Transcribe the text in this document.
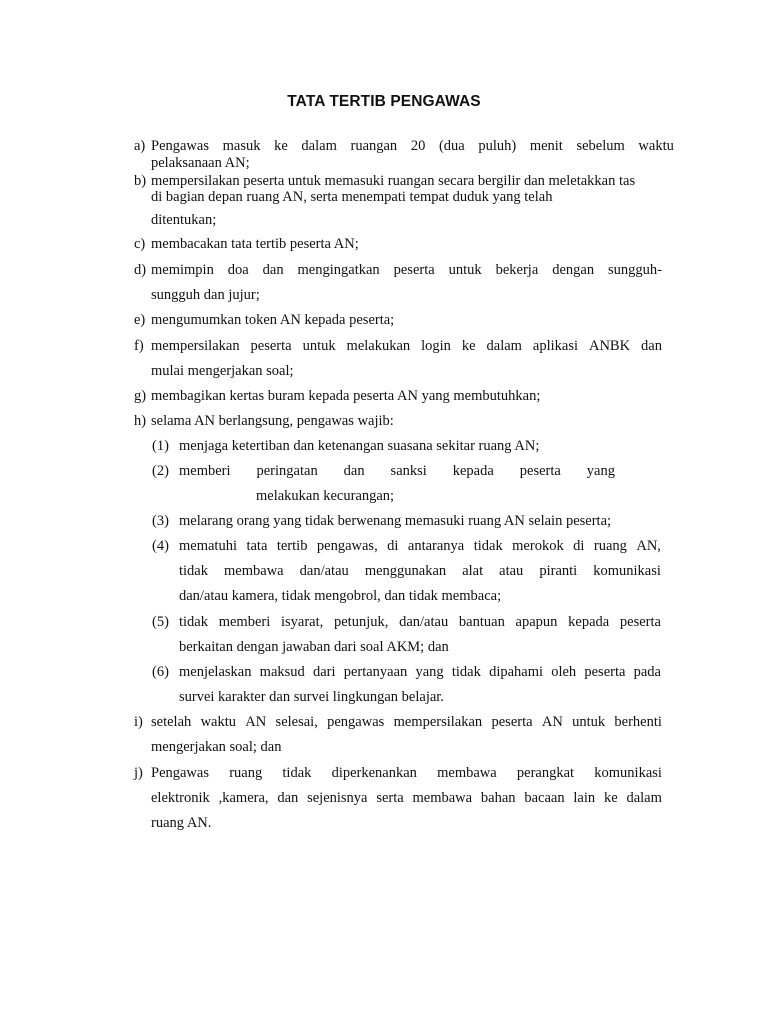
TATA TERTIB PENGAWAS
a) Pengawas masuk ke dalam ruangan 20 (dua puluh) menit sebelum waktu
pelaksanaan AN;
b) mempersilakan peserta untuk memasuki ruangan secara bergilir dan meletakkan tas
di bagian depan ruang AN, serta menempati tempat duduk yang telah
ditentukan;
c) membacakan tata tertib peserta AN;
d) memimpin doa dan mengingatkan peserta untuk bekerja dengan sungguh-
sungguh dan jujur;
e) mengumumkan token AN kepada peserta;
f) mempersilakan peserta untuk melakukan login ke dalam aplikasi ANBK dan
mulai mengerjakan soal;
g) membagikan kertas buram kepada peserta AN yang membutuhkan;
h) selama AN berlangsung, pengawas wajib:
(1) menjaga ketertiban dan ketenangan suasana sekitar ruang AN;
(2) memberi peringatan dan sanksi kepada peserta yang
melakukan kecurangan;
(3) melarang orang yang tidak berwenang memasuki ruang AN selain peserta;
(4) mematuhi tata tertib pengawas, di antaranya tidak merokok di ruang AN,
tidak membawa dan/atau menggunakan alat atau piranti komunikasi
dan/atau kamera, tidak mengobrol, dan tidak membaca;
(5) tidak memberi isyarat, petunjuk, dan/atau bantuan apapun kepada peserta
berkaitan dengan jawaban dari soal AKM; dan
(6) menjelaskan maksud dari pertanyaan yang tidak dipahami oleh peserta pada
survei karakter dan survei lingkungan belajar.
i) setelah waktu AN selesai, pengawas mempersilakan peserta AN untuk berhenti
mengerjakan soal; dan
j) Pengawas ruang tidak diperkenankan membawa perangkat komunikasi
elektronik ,kamera, dan sejenisnya serta membawa bahan bacaan lain ke dalam
ruang AN.
